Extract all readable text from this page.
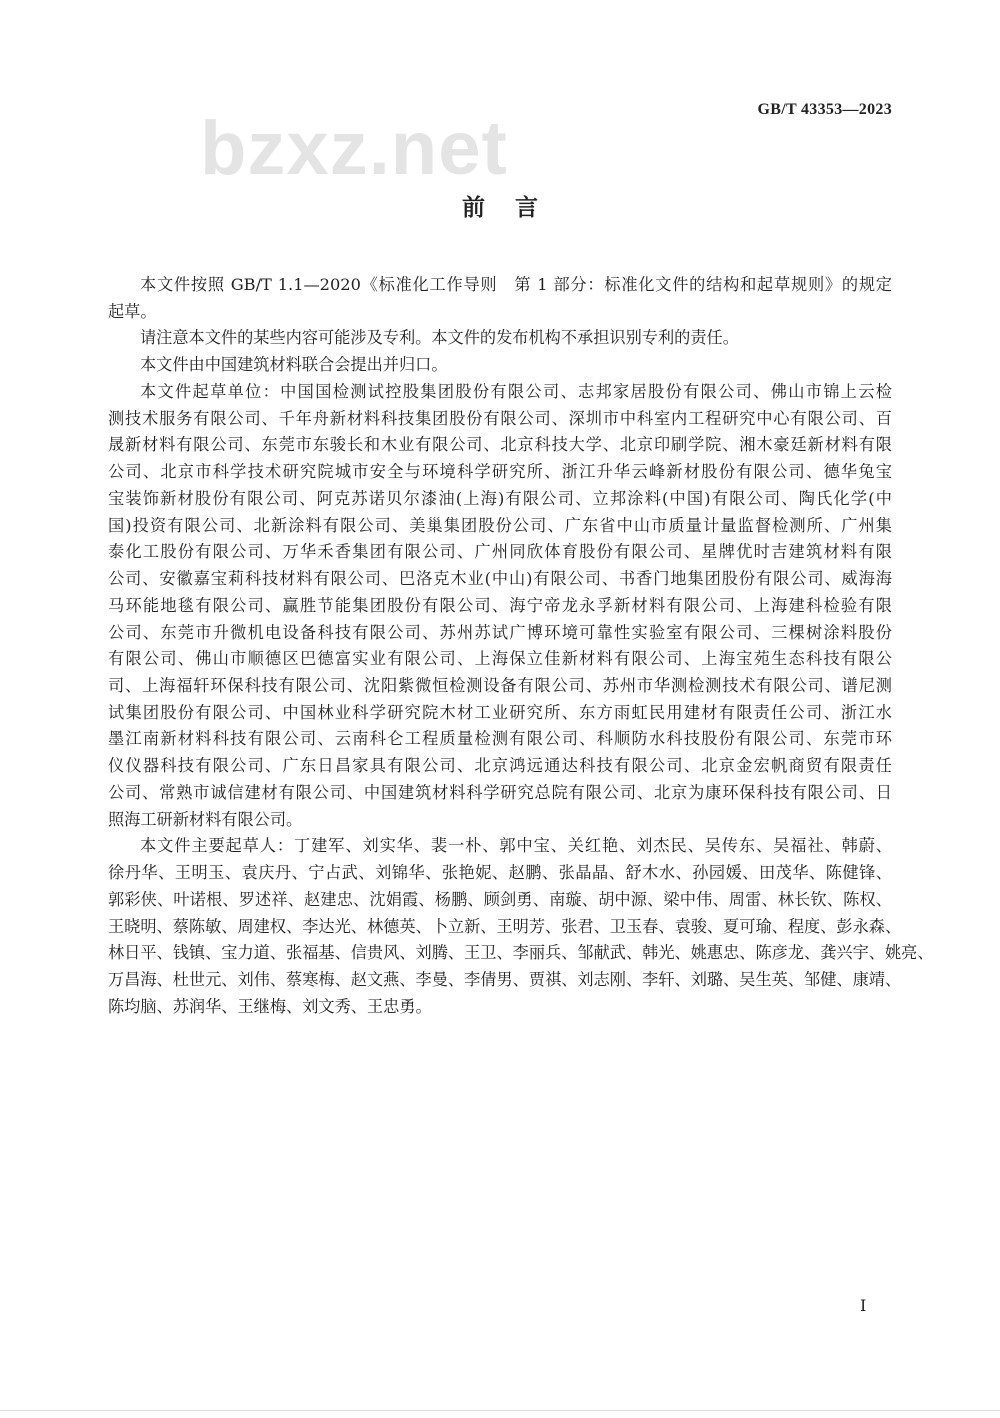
GB/T 43353—2023
bzxz.net
前 言
本文件按照 GB/T 1.1—2020《标准化工作导则　第 1 部分：标准化文件的结构和起草规则》的规定
起草。
请注意本文件的某些内容可能涉及专利。本文件的发布机构不承担识别专利的责任。
本文件由中国建筑材料联合会提出并归口。
本文件起草单位：中国国检测试控股集团股份有限公司、志邦家居股份有限公司、佛山市锦上云检
测技术服务有限公司、千年舟新材料科技集团股份有限公司、深圳市中科室内工程研究中心有限公司、百
晟新材料有限公司、东莞市东骏长和木业有限公司、北京科技大学、北京印刷学院、湘木豪廷新材料有限
公司、北京市科学技术研究院城市安全与环境科学研究所、浙江升华云峰新材股份有限公司、德华兔宝
宝装饰新材股份有限公司、阿克苏诺贝尔漆油(上海)有限公司、立邦涂料(中国)有限公司、陶氏化学(中
国)投资有限公司、北新涂料有限公司、美巢集团股份公司、广东省中山市质量计量监督检测所、广州集
泰化工股份有限公司、万华禾香集团有限公司、广州同欣体育股份有限公司、星牌优时吉建筑材料有限
公司、安徽嘉宝莉科技材料有限公司、巴洛克木业(中山)有限公司、书香门地集团股份有限公司、威海海
马环能地毯有限公司、赢胜节能集团股份有限公司、海宁帝龙永孚新材料有限公司、上海建科检验有限
公司、东莞市升微机电设备科技有限公司、苏州苏试广博环境可靠性实验室有限公司、三棵树涂料股份
有限公司、佛山市顺德区巴德富实业有限公司、上海保立佳新材料有限公司、上海宝苑生态科技有限公
司、上海福轩环保科技有限公司、沈阳紫微恒检测设备有限公司、苏州市华测检测技术有限公司、谱尼测
试集团股份有限公司、中国林业科学研究院木材工业研究所、东方雨虹民用建材有限责任公司、浙江水
墨江南新材料科技有限公司、云南科仑工程质量检测有限公司、科顺防水科技股份有限公司、东莞市环
仪仪器科技有限公司、广东日昌家具有限公司、北京鸿远通达科技有限公司、北京金宏帆商贸有限责任
公司、常熟市诚信建材有限公司、中国建筑材料科学研究总院有限公司、北京为康环保科技有限公司、日
照海工研新材料有限公司。
本文件主要起草人：丁建军、刘实华、裴一朴、郭中宝、关红艳、刘杰民、吴传东、吴福社、韩蔚、
徐丹华、王明玉、袁庆丹、宁占武、刘锦华、张艳妮、赵鹏、张晶晶、舒木水、孙园媛、田茂华、陈健锋、
郭彩侠、叶诺根、罗述祥、赵建忠、沈娟霞、杨鹏、顾剑勇、南璇、胡中源、梁中伟、周雷、林长钦、陈权、
王晓明、蔡陈敏、周建权、李达光、林德英、卜立新、王明芳、张君、卫玉春、袁骏、夏可瑜、程度、彭永森、
林日平、钱镇、宝力道、张福基、信贵风、刘腾、王卫、李丽兵、邹献武、韩光、姚惠忠、陈彦龙、龚兴宇、姚亮、
万昌海、杜世元、刘伟、蔡寒梅、赵文燕、李曼、李倩男、贾祺、刘志刚、李轩、刘璐、吴生英、邹健、康靖、
陈均脑、苏润华、王继梅、刘文秀、王忠勇。
I
